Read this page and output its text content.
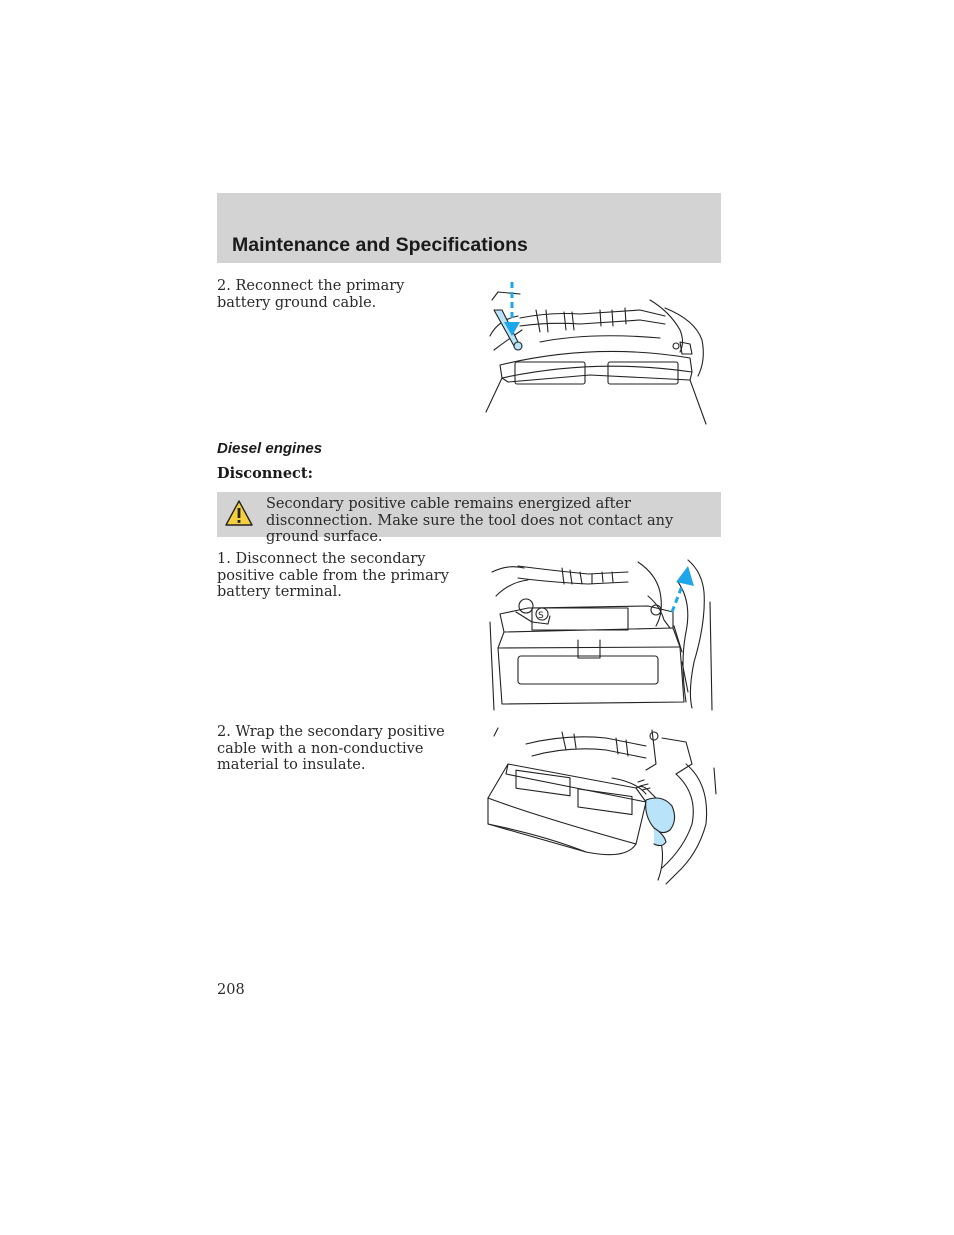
Maintenance and Specifications
2. Reconnect the primary battery ground cable.
Diesel engines
Disconnect:
Secondary positive cable remains energized after disconnection. Make sure the tool does not contact any ground surface.
1. Disconnect the secondary positive cable from the primary battery terminal.
S
2. Wrap the secondary positive cable with a non-conductive material to insulate.
208
